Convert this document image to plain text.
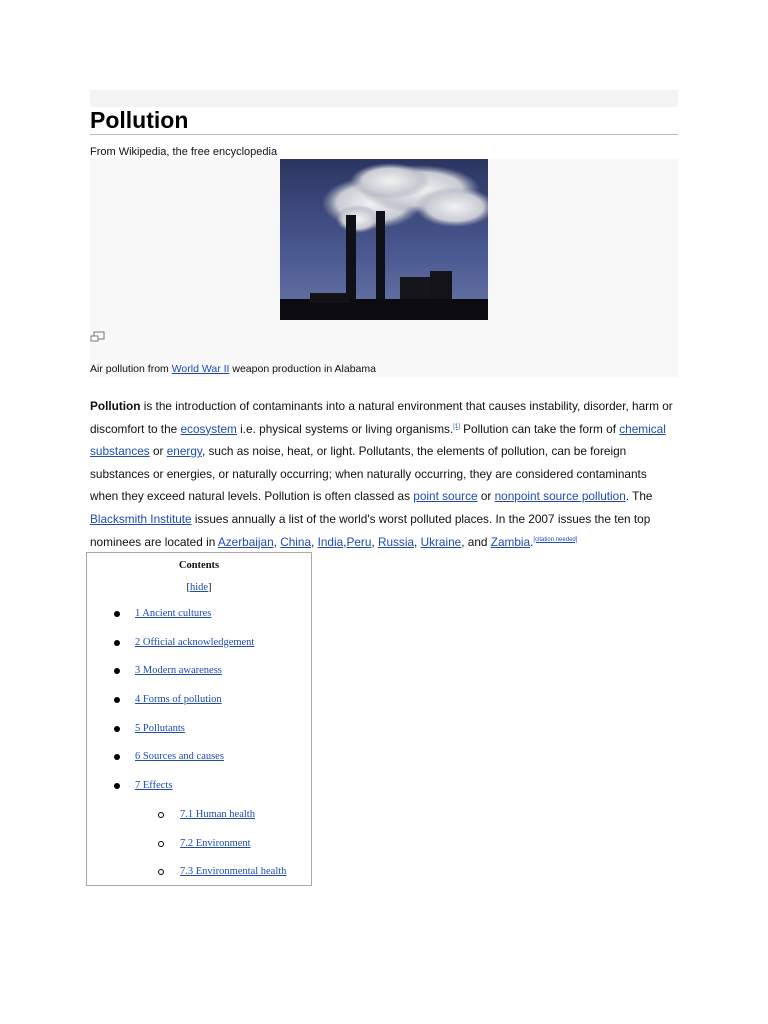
Pollution
From Wikipedia, the free encyclopedia
Air pollution from World War II weapon production in Alabama
Pollution is the introduction of contaminants into a natural environment that causes instability, disorder, harm or discomfort to the ecosystem i.e. physical systems or living organisms.[1] Pollution can take the form of chemical substances or energy, such as noise, heat, or light. Pollutants, the elements of pollution, can be foreign substances or energies, or naturally occurring; when naturally occurring, they are considered contaminants when they exceed natural levels. Pollution is often classed as point source or nonpoint source pollution. The Blacksmith Institute issues annually a list of the world's worst polluted places. In the 2007 issues the ten top nominees are located in Azerbaijan, China, India,Peru, Russia, Ukraine, and Zambia.[citation needed]
Contents
[hide]
1 Ancient cultures
2 Official acknowledgement
3 Modern awareness
4 Forms of pollution
5 Pollutants
6 Sources and causes
7 Effects
7.1 Human health
7.2 Environment
7.3 Environmental health
